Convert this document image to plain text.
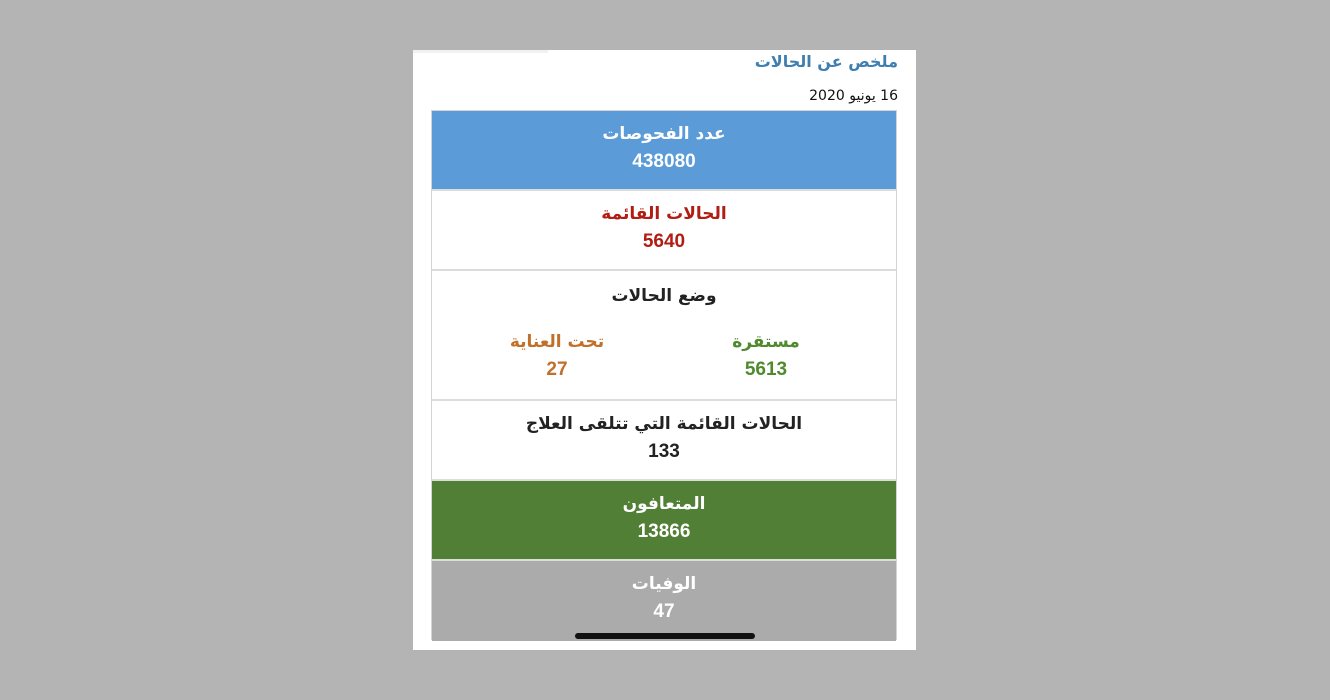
ملخص عن الحالات
16 يونيو 2020
عدد الفحوصات
438080
الحالات القائمة
5640
وضع الحالات
مستقرة
5613
تحت العناية
27
الحالات القائمة التي تتلقى العلاج
133
المتعافون
13866
الوفيات
47
